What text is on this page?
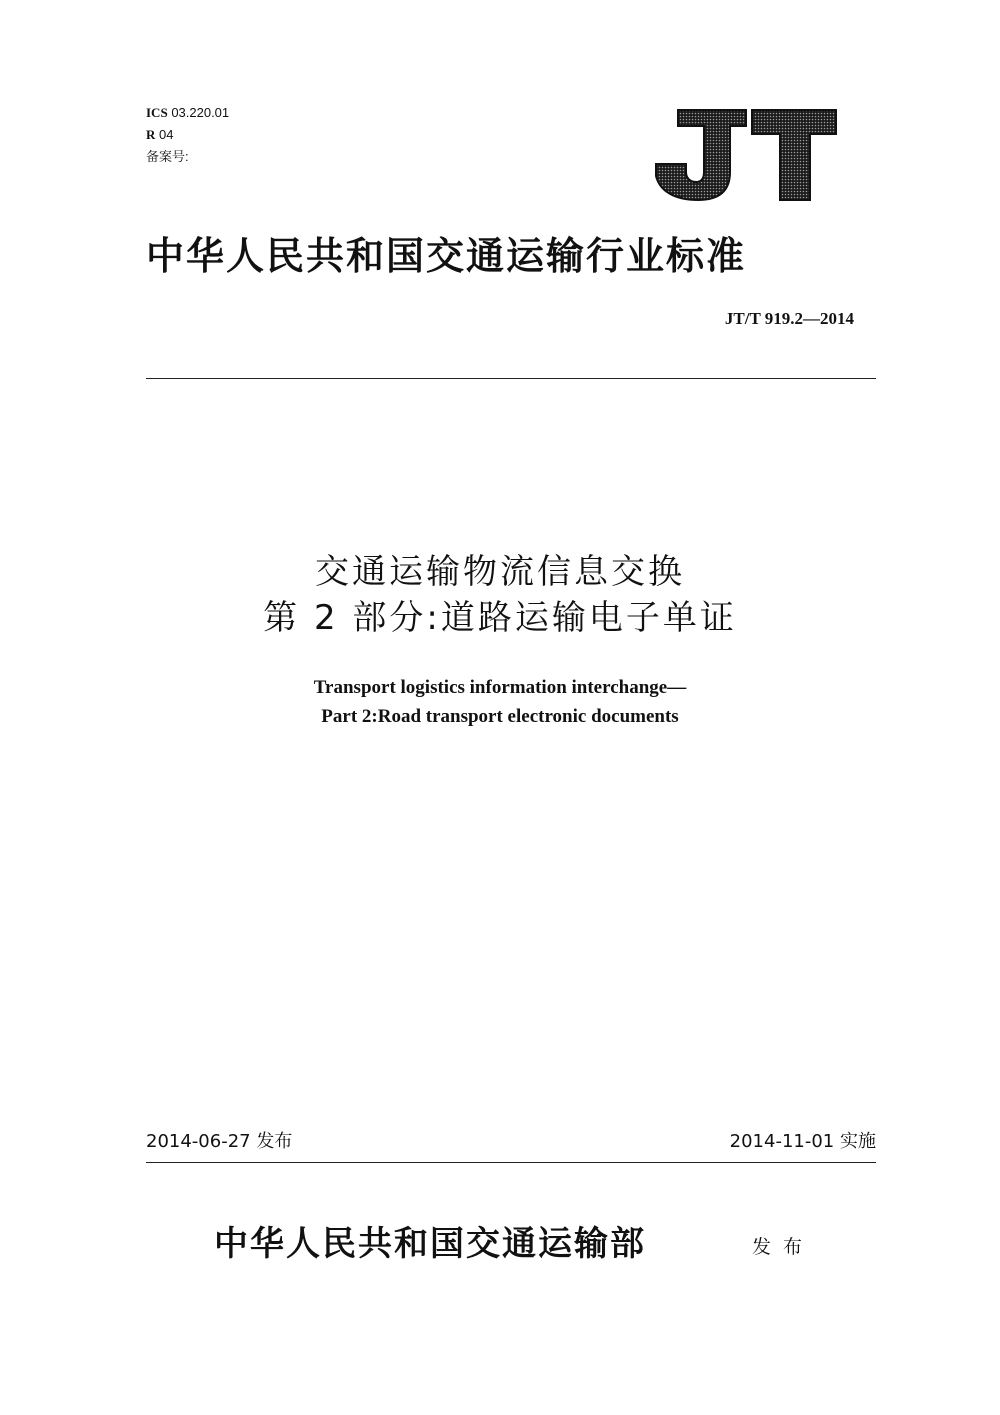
ICS 03.220.01
R 04
备案号:
中华人民共和国交通运输行业标准
JT/T 919.2—2014
交通运输物流信息交换
第 2 部分:道路运输电子单证
Transport logistics information interchange—
Part 2:Road transport electronic documents
2014-06-27 发布	2014-11-01 实施
中华人民共和国交通运输部	发布
